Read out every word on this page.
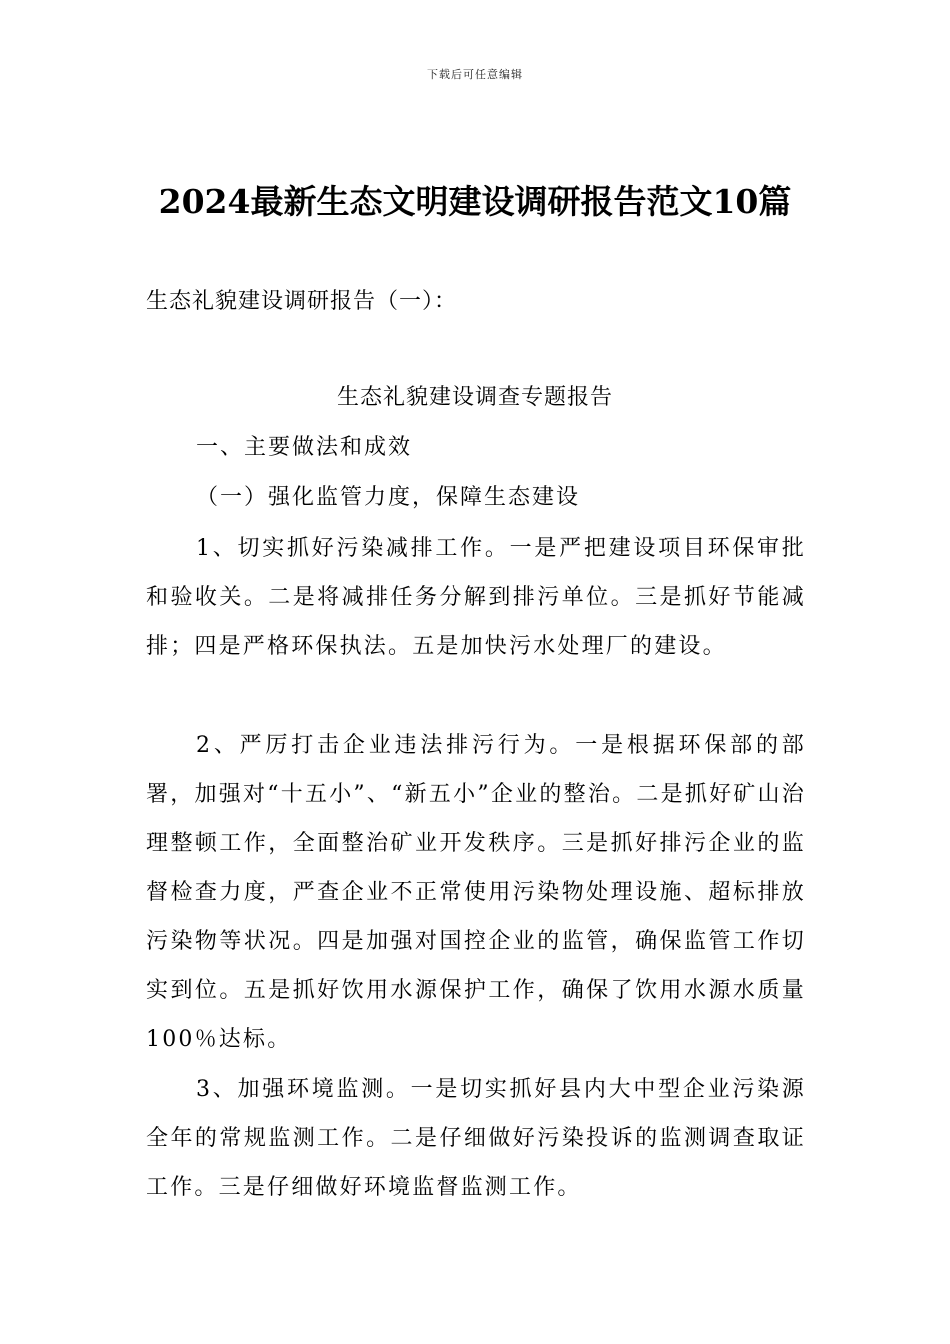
下载后可任意编辑
2024最新生态文明建设调研报告范文10篇
生态礼貌建设调研报告（一）：
生态礼貌建设调查专题报告
一、主要做法和成效
（一）强化监管力度，保障生态建设

1、切实抓好污染减排工作。一是严把建设项目环保审批和验收关。二是将减排任务分解到排污单位。三是抓好节能减排；四是严格环保执法。五是加快污水处理厂的建设。

2、严厉打击企业违法排污行为。一是根据环保部的部署，加强对“十五小”、“新五小”企业的整治。二是抓好矿山治理整顿工作，全面整治矿业开发秩序。三是抓好排污企业的监督检查力度，严查企业不正常使用污染物处理设施、超标排放污染物等状况。四是加强对国控企业的监管，确保监管工作切实到位。五是抓好饮用水源保护工作，确保了饮用水源水质量100％达标。

3、加强环境监测。一是切实抓好县内大中型企业污染源全年的常规监测工作。二是仔细做好污染投诉的监测调查取证工作。三是仔细做好环境监督监测工作。
